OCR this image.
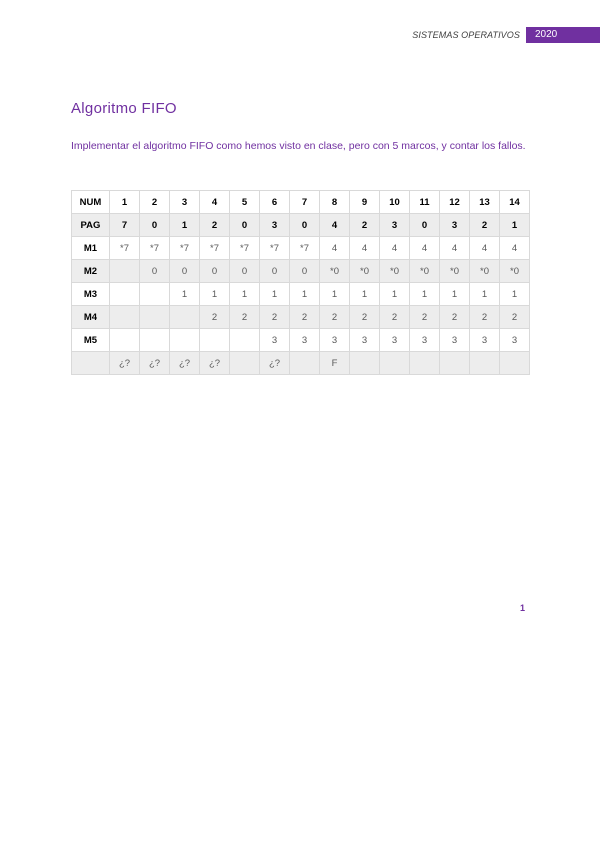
SISTEMAS OPERATIVOS	2020
Algoritmo FIFO
Implementar el algoritmo FIFO como hemos visto en clase, pero con 5 marcos, y contar los fallos.
NUM	1	2	3	4	5	6	7	8	9	10	11	12	13	14
PAG	7	0	1	2	0	3	0	4	2	3	0	3	2	1
M1	*7	*7	*7	*7	*7	*7	*7	4	4	4	4	4	4	4
M2		0	0	0	0	0	0	*0	*0	*0	*0	*0	*0	*0
M3			1	1	1	1	1	1	1	1	1	1	1	1
M4				2	2	2	2	2	2	2	2	2	2	2
M5						3	3	3	3	3	3	3	3	3
	¿?	¿?	¿?	¿?		¿?		F						
1
